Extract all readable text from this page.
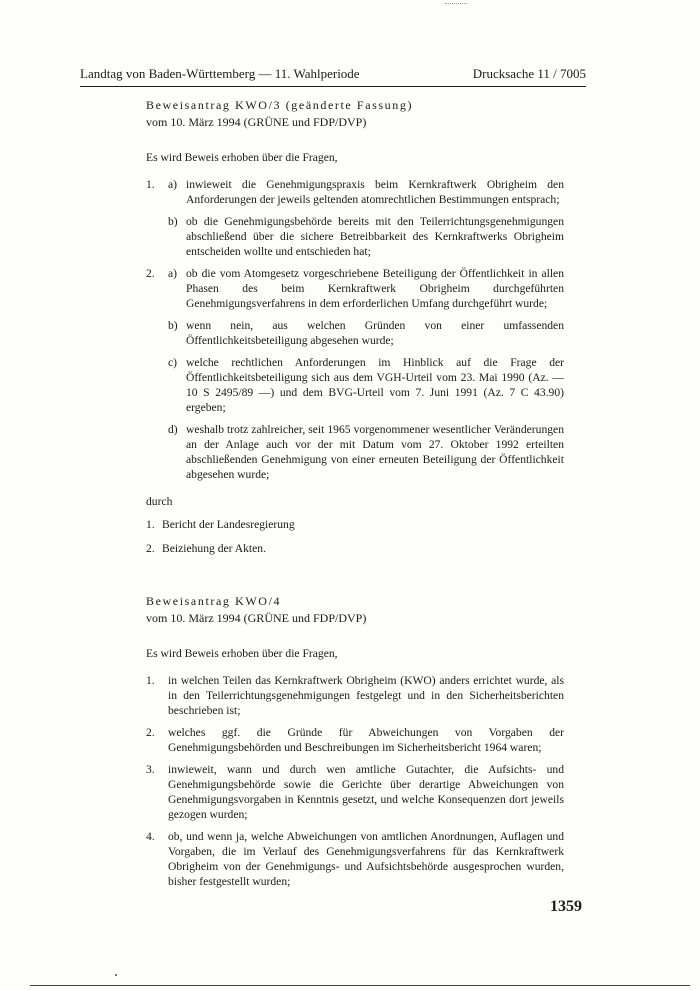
Landtag von Baden-Württemberg — 11. Wahlperiode	Drucksache 11 / 7005

Beweisantrag KWO/3 (geänderte Fassung)

vom 10. März 1994 (GRÜNE und FDP/DVP)

Es wird Beweis erhoben über die Fragen,

1. a) inwieweit die Genehmigungspraxis beim Kernkraftwerk Obrigheim den Anforderungen der jeweils geltenden atomrechtlichen Bestimmungen entsprach;
b) ob die Genehmigungsbehörde bereits mit den Teilerrichtungsgenehmigungen abschließend über die sichere Betreibbarkeit des Kernkraftwerks Obrigheim entscheiden wollte und entschieden hat;
2. a) ob die vom Atomgesetz vorgeschriebene Beteiligung der Öffentlichkeit in allen Phasen des beim Kernkraftwerk Obrigheim durchgeführten Genehmigungsverfahrens in dem erforderlichen Umfang durchgeführt wurde;
b) wenn nein, aus welchen Gründen von einer umfassenden Öffentlichkeitsbeteiligung abgesehen wurde;
c) welche rechtlichen Anforderungen im Hinblick auf die Frage der Öffentlichkeitsbeteiligung sich aus dem VGH-Urteil vom 23. Mai 1990 (Az. — 10 S 2495/89 —) und dem BVG-Urteil vom 7. Juni 1991 (Az. 7 C 43.90) ergeben;
d) weshalb trotz zahlreicher, seit 1965 vorgenommener wesentlicher Veränderungen an der Anlage auch vor der mit Datum vom 27. Oktober 1992 erteilten abschließenden Genehmigung von einer erneuten Beteiligung der Öffentlichkeit abgesehen wurde;

durch

1. Bericht der Landesregierung
2. Beiziehung der Akten.

Beweisantrag KWO/4

vom 10. März 1994 (GRÜNE und FDP/DVP)

Es wird Beweis erhoben über die Fragen,

1. in welchen Teilen das Kernkraftwerk Obrigheim (KWO) anders errichtet wurde, als in den Teilerrichtungsgenehmigungen festgelegt und in den Sicherheitsberichten beschrieben ist;
2. welches ggf. die Gründe für Abweichungen von Vorgaben der Genehmigungsbehörden und Beschreibungen im Sicherheitsbericht 1964 waren;
3. inwieweit, wann und durch wen amtliche Gutachter, die Aufsichts- und Genehmigungsbehörde sowie die Gerichte über derartige Abweichungen von Genehmigungsvorgaben in Kenntnis gesetzt, und welche Konsequenzen dort jeweils gezogen wurden;
4. ob, und wenn ja, welche Abweichungen von amtlichen Anordnungen, Auflagen und Vorgaben, die im Verlauf des Genehmigungsverfahrens für das Kernkraftwerk Obrigheim von der Genehmigungs- und Aufsichtsbehörde ausgesprochen wurden, bisher festgestellt wurden;
1359
